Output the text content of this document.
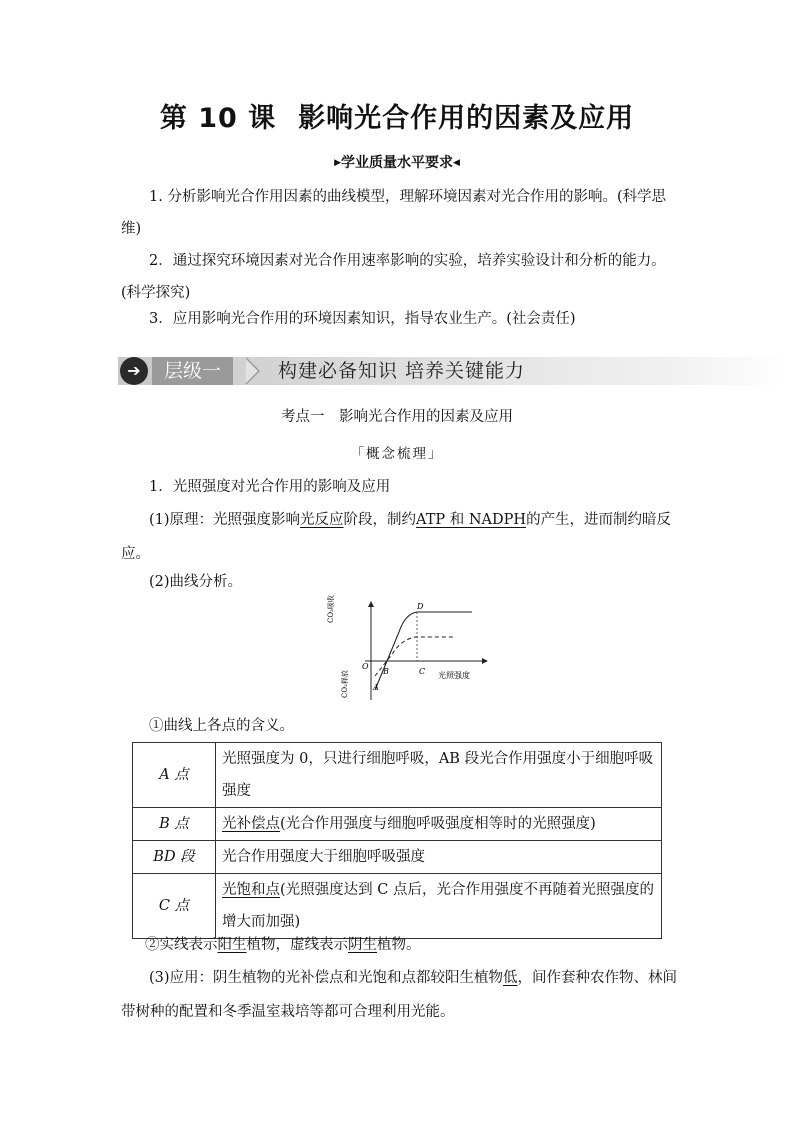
第 10 课 影响光合作用的因素及应用
▶学业质量水平要求◀
1. 分析影响光合作用因素的曲线模型，理解环境因素对光合作用的影响。(科学思维)
2．通过探究环境因素对光合作用速率影响的实验，培养实验设计和分析的能力。(科学探究)
3．应用影响光合作用的环境因素知识，指导农业生产。(社会责任)
➔	层级一	构建必备知识 培养关键能力
考点一　影响光合作用的因素及应用
「概念梳理」
1．光照强度对光合作用的影响及应用
(1)原理：光照强度影响光反应阶段，制约ATP 和 NADPH的产生，进而制约暗反应。
(2)曲线分析。
CO₂吸收
CO₂释放	光照强度
A
B	C
D
O
①曲线上各点的含义。
A 点	光照强度为 0，只进行细胞呼吸，AB 段光合作用强度小于细胞呼吸强度
B 点	光补偿点(光合作用强度与细胞呼吸强度相等时的光照强度)
BD 段	光合作用强度大于细胞呼吸强度
C 点	光饱和点(光照强度达到 C 点后，光合作用强度不再随着光照强度的增大而加强)
②实线表示阳生植物，虚线表示阴生植物。
(3)应用：阴生植物的光补偿点和光饱和点都较阳生植物低，间作套种农作物、林间带树种的配置和冬季温室栽培等都可合理利用光能。
